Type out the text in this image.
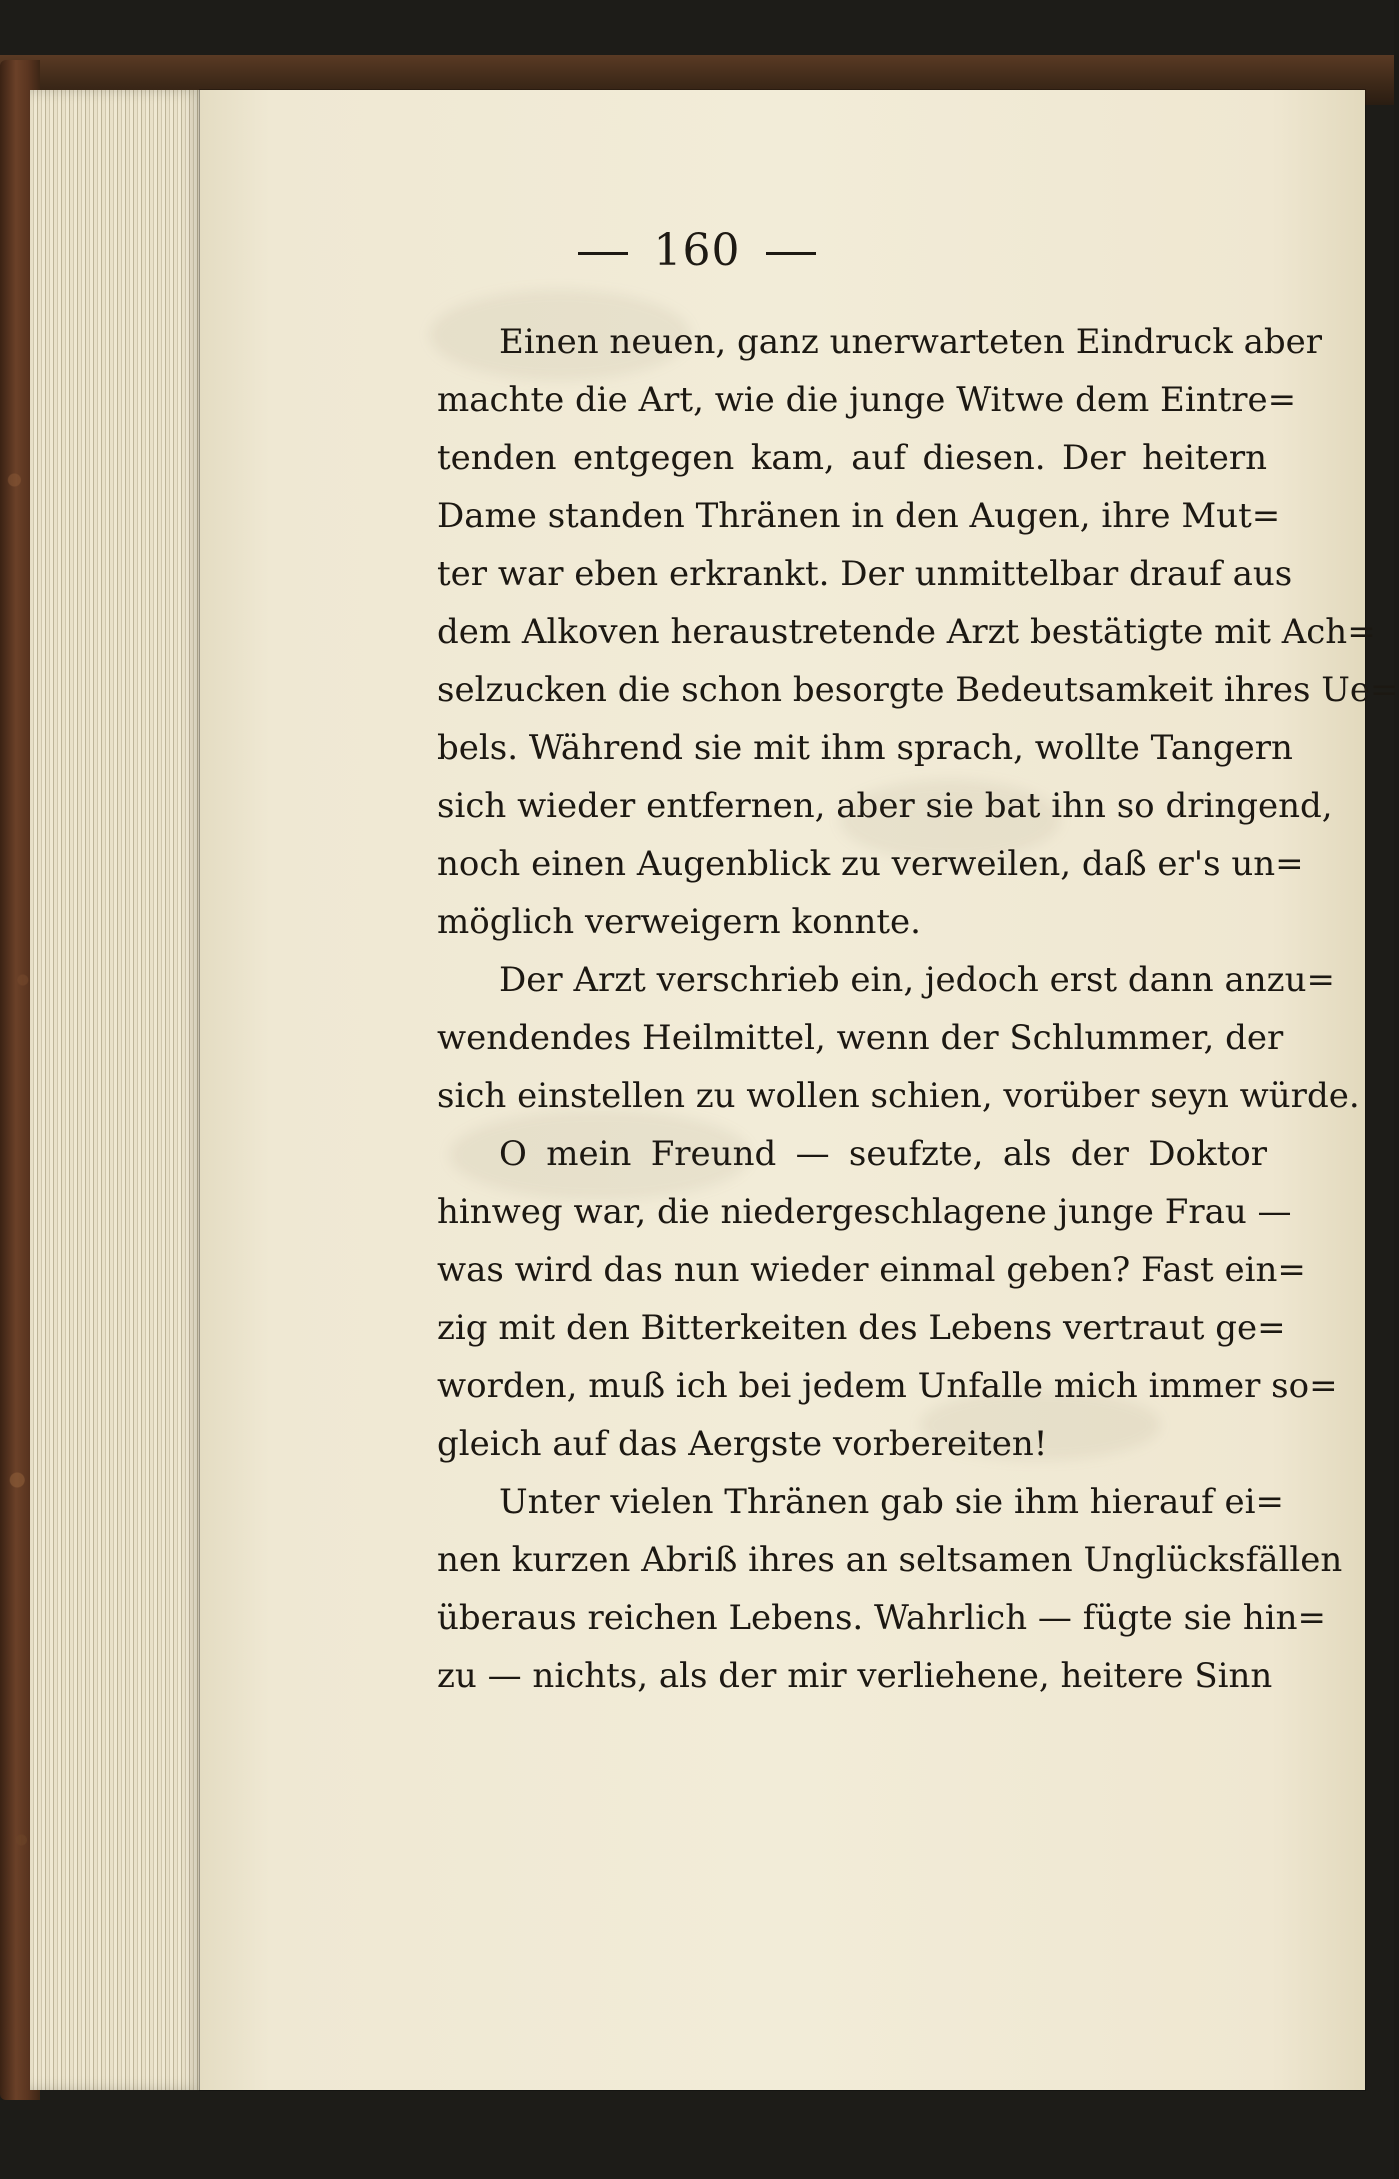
160
Einen neuen, ganz unerwarteten Eindruck aber
machte die Art, wie die junge Witwe dem Eintre=
tenden entgegen kam, auf diesen. Der heitern
Dame standen Thränen in den Augen, ihre Mut=
ter war eben erkrankt. Der unmittelbar drauf aus
dem Alkoven heraustretende Arzt bestätigte mit Ach=
selzucken die schon besorgte Bedeutsamkeit ihres Ue=
bels. Während sie mit ihm sprach, wollte Tangern
sich wieder entfernen, aber sie bat ihn so dringend,
noch einen Augenblick zu verweilen, daß er's un=
möglich verweigern konnte.
Der Arzt verschrieb ein, jedoch erst dann anzu=
wendendes Heilmittel, wenn der Schlummer, der
sich einstellen zu wollen schien, vorüber seyn würde.
O mein Freund — seufzte, als der Doktor
hinweg war, die niedergeschlagene junge Frau —
was wird das nun wieder einmal geben? Fast ein=
zig mit den Bitterkeiten des Lebens vertraut ge=
worden, muß ich bei jedem Unfalle mich immer so=
gleich auf das Aergste vorbereiten!
Unter vielen Thränen gab sie ihm hierauf ei=
nen kurzen Abriß ihres an seltsamen Unglücksfällen
überaus reichen Lebens. Wahrlich — fügte sie hin=
zu — nichts, als der mir verliehene, heitere Sinn
